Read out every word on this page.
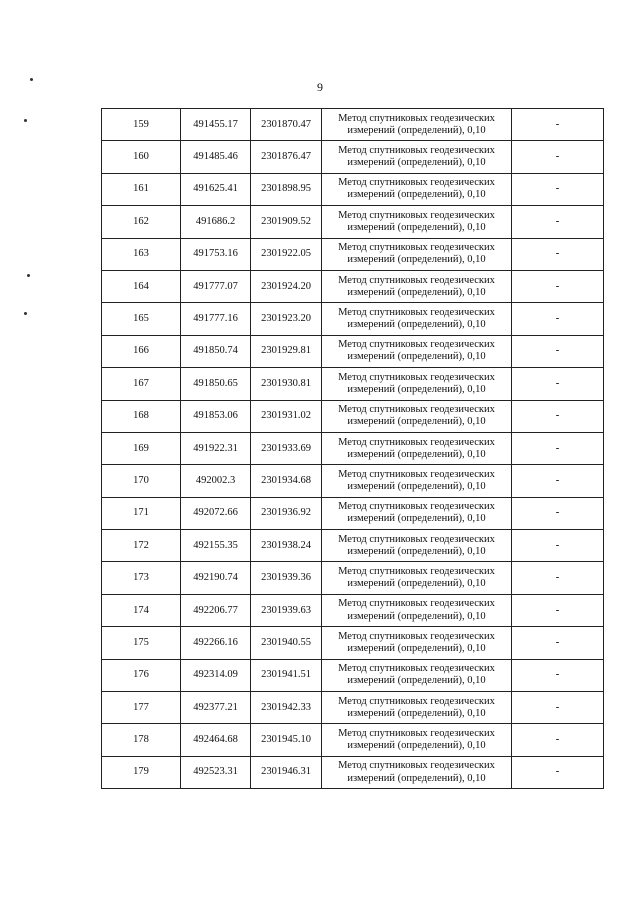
9
159	491455.17	2301870.47	Метод спутниковых геодезических
измерений (определений), 0,10	-
160	491485.46	2301876.47	Метод спутниковых геодезических
измерений (определений), 0,10	-
161	491625.41	2301898.95	Метод спутниковых геодезических
измерений (определений), 0,10	-
162	491686.2	2301909.52	Метод спутниковых геодезических
измерений (определений), 0,10	-
163	491753.16	2301922.05	Метод спутниковых геодезических
измерений (определений), 0,10	-
164	491777.07	2301924.20	Метод спутниковых геодезических
измерений (определений), 0,10	-
165	491777.16	2301923.20	Метод спутниковых геодезических
измерений (определений), 0,10	-
166	491850.74	2301929.81	Метод спутниковых геодезических
измерений (определений), 0,10	-
167	491850.65	2301930.81	Метод спутниковых геодезических
измерений (определений), 0,10	-
168	491853.06	2301931.02	Метод спутниковых геодезических
измерений (определений), 0,10	-
169	491922.31	2301933.69	Метод спутниковых геодезических
измерений (определений), 0,10	-
170	492002.3	2301934.68	Метод спутниковых геодезических
измерений (определений), 0,10	-
171	492072.66	2301936.92	Метод спутниковых геодезических
измерений (определений), 0,10	-
172	492155.35	2301938.24	Метод спутниковых геодезических
измерений (определений), 0,10	-
173	492190.74	2301939.36	Метод спутниковых геодезических
измерений (определений), 0,10	-
174	492206.77	2301939.63	Метод спутниковых геодезических
измерений (определений), 0,10	-
175	492266.16	2301940.55	Метод спутниковых геодезических
измерений (определений), 0,10	-
176	492314.09	2301941.51	Метод спутниковых геодезических
измерений (определений), 0,10	-
177	492377.21	2301942.33	Метод спутниковых геодезических
измерений (определений), 0,10	-
178	492464.68	2301945.10	Метод спутниковых геодезических
измерений (определений), 0,10	-
179	492523.31	2301946.31	Метод спутниковых геодезических
измерений (определений), 0,10	-
